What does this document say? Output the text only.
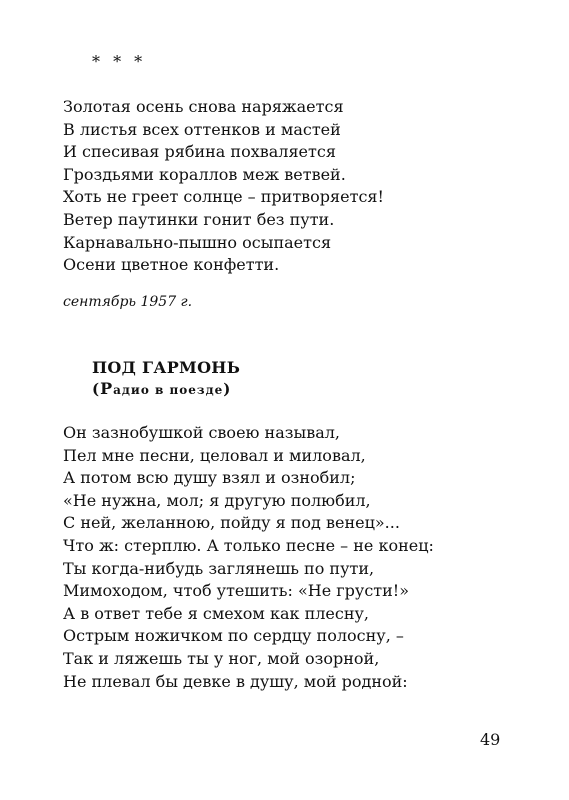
* * *
Золотая осень снова наряжается
В листья всех оттенков и мастей
И спесивая рябина похваляется
Гроздьями кораллов меж ветвей.
Хоть не греет солнце – притворяется!
Ветер паутинки гонит без пути.
Карнавально-пышно осыпается
Осени цветное конфетти.
сентябрь 1957 г.
ПОД ГАРМОНЬ
(Радио в поезде)
Он зазнобушкой своею называл,
Пел мне песни, целовал и миловал,
А потом всю душу взял и ознобил;
«Не нужна, мол; я другую полюбил,
С ней, желанною, пойду я под венец»...
Что ж: стерплю. А только песне – не конец:
Ты когда-нибудь заглянешь по пути,
Мимоходом, чтоб утешить: «Не грусти!»
А в ответ тебе я смехом как плесну,
Острым ножичком по сердцу полосну, –
Так и ляжешь ты у ног, мой озорной,
Не плевал бы девке в душу, мой родной:
49
